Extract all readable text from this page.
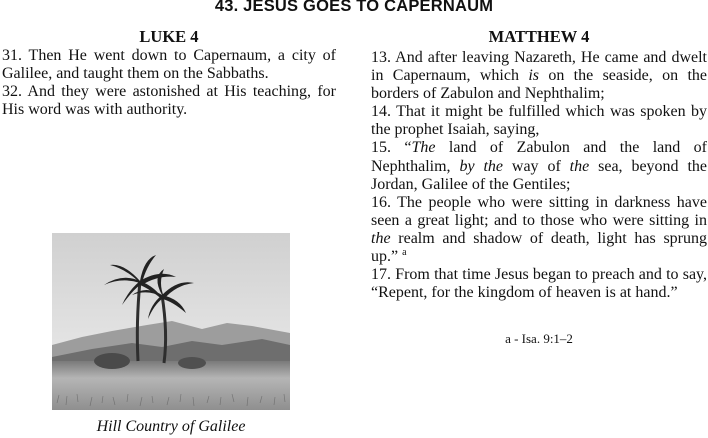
43. JESUS GOES TO CAPERNAUM
LUKE 4	MATTHEW 4

31. Then He went down to Capernaum, a city of Galilee, and taught them on the Sabbaths.

32. And they were astonished at His teaching, for His word was with authority.

13. And after leaving Nazareth, He came and dwelt in Capernaum, which is on the seaside, on the borders of Zabulon and Nephthalim;

14. That it might be fulfilled which was spoken by the prophet Isaiah, saying,

15. “The land of Zabulon and the land of Nephthalim, by the way of the sea, beyond the Jordan, Galilee of the Gentiles;

16. The people who were sitting in darkness have seen a great light; and to those who were sitting in the realm and shadow of death, light has sprung up.” $^a$

17. From that time Jesus began to preach and to say, “Repent, for the kingdom of heaven is at hand.”

a - Isa. 9:1–2
Hill Country of Galilee
